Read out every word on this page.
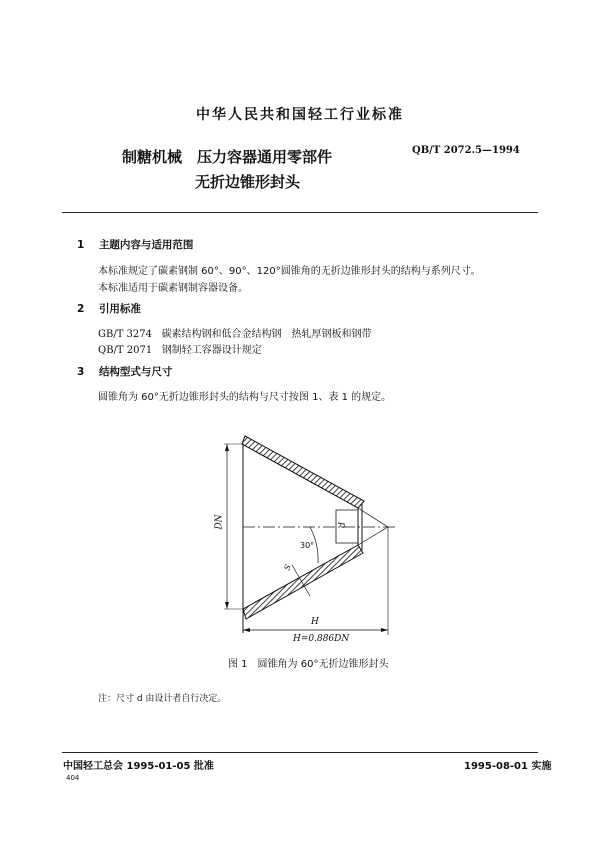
中华人民共和国轻工行业标准
制糖机械　压力容器通用零部件
无折边锥形封头
QB/T 2072.5—1994
1 主题内容与适用范围
本标准规定了碳素钢制 60°、90°、120°圆锥角的无折边锥形封头的结构与系列尺寸。
本标准适用于碳素钢制容器设备。
2 引用标准
GB/T 3274 碳素结构钢和低合金结构钢　热轧厚钢板和钢带
QB/T 2071 钢制轻工容器设计规定
3 结构型式与尺寸
圆锥角为 60°无折边锥形封头的结构与尺寸按图 1、表 1 的规定。
DN	d
30°
S
H
H=0.886DN
图 1　圆锥角为 60°无折边锥形封头
注：尺寸 d 由设计者自行决定。
中国轻工总会 1995-01-05 批准	1995-08-01 实施
404
